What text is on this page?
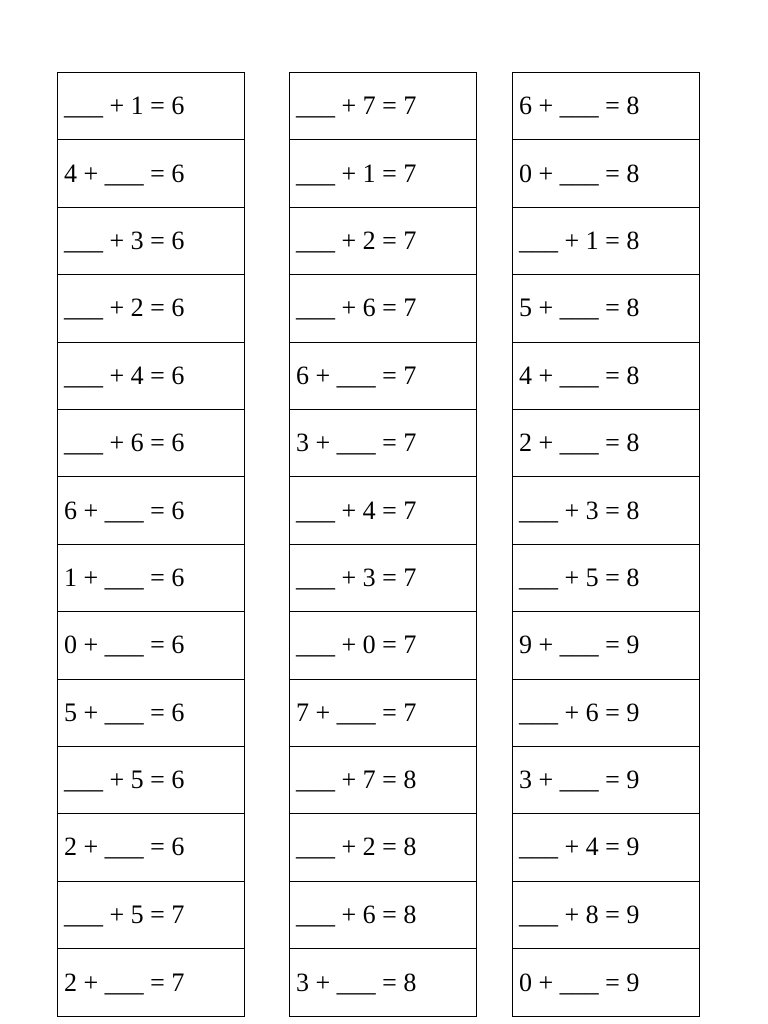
___ + 1 = 6
4 + ___ = 6
___ + 3 = 6
___ + 2 = 6
___ + 4 = 6
___ + 6 = 6
6 + ___ = 6
1 + ___ = 6
0 + ___ = 6
5 + ___ = 6
___ + 5 = 6
2 + ___ = 6
___ + 5 = 7
2 + ___ = 7
___ + 7 = 7
___ + 1 = 7
___ + 2 = 7
___ + 6 = 7
6 + ___ = 7
3 + ___ = 7
___ + 4 = 7
___ + 3 = 7
___ + 0 = 7
7 + ___ = 7
___ + 7 = 8
___ + 2 = 8
___ + 6 = 8
3 + ___ = 8
6 + ___ = 8
0 + ___ = 8
___ + 1 = 8
5 + ___ = 8
4 + ___ = 8
2 + ___ = 8
___ + 3 = 8
___ + 5 = 8
9 + ___ = 9
___ + 6 = 9
3 + ___ = 9
___ + 4 = 9
___ + 8 = 9
0 + ___ = 9
